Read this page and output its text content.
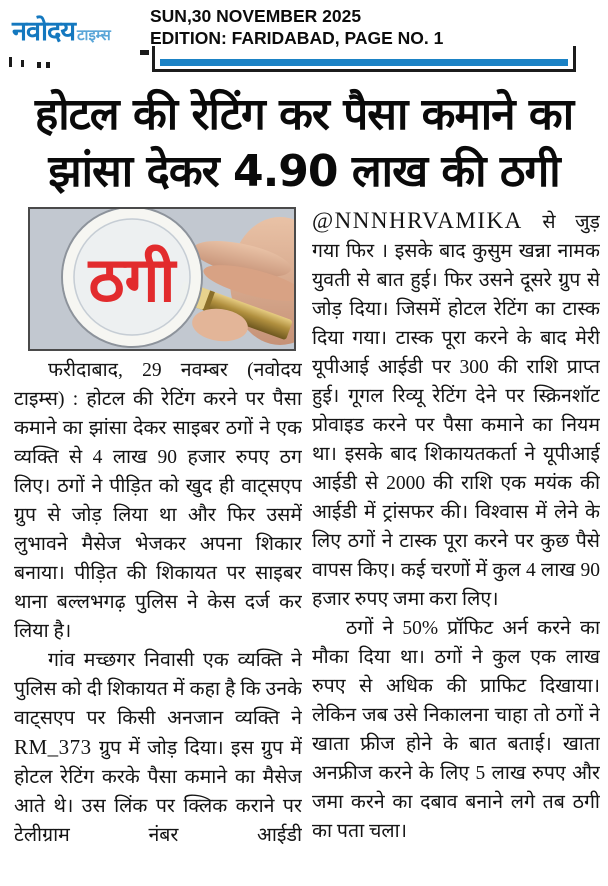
नवोदय टाइम्स
SUN,30 NOVEMBER 2025
EDITION: FARIDABAD, PAGE NO. 1
होटल की रेटिंग कर पैसा कमाने का
झांसा देकर 4.90 लाख की ठगी
ठगी

@NNNHRVAMIKA से जुड़ गया फिर । इसके बाद कुसुम खन्ना नामक युवती से बात हुई। फिर उसने दूसरे ग्रुप से जोड़ दिया। जिसमें होटल रेटिंग का टास्क दिया गया। टास्क पूरा करने के बाद मेरी यूपीआई आईडी पर 300 की राशि प्राप्त हुई। गूगल रिव्यू रेटिंग देने पर स्क्रिनशॉट प्रोवाइड करने पर पैसा कमाने का नियम था। इसके बाद शिकायतकर्ता ने यूपीआई आईडी से 2000 की राशि एक मयंक की आईडी में ट्रांसफर की। विश्वास में लेने के लिए ठगों ने टास्क पूरा करने पर कुछ पैसे वापस किए। कई चरणों में कुल 4 लाख 90 हजार रुपए जमा करा लिए।

ठगों ने 50% प्रॉफिट अर्न करने का मौका दिया था। ठगों ने कुल एक लाख रुपए से अधिक की प्राफिट दिखाया। लेकिन जब उसे निकालना चाहा तो ठगों ने खाता फ्रीज होने के बात बताई। खाता अनफ्रीज करने के लिए 5 लाख रुपए और जमा करने का दबाव बनाने लगे तब ठगी का पता चला।

फरीदाबाद, 29 नवम्बर (नवोदय टाइम्स) : होटल की रेटिंग करने पर पैसा कमाने का झांसा देकर साइबर ठगों ने एक व्यक्ति से 4 लाख 90 हजार रुपए ठग लिए। ठगों ने पीड़ित को खुद ही वाट्सएप ग्रुप से जोड़ लिया था और फिर उसमें लुभावने मैसेज भेजकर अपना शिकार बनाया। पीड़ित की शिकायत पर साइबर थाना बल्लभगढ़ पुलिस ने केस दर्ज कर लिया है।

गांव मच्छगर निवासी एक व्यक्ति ने पुलिस को दी शिकायत में कहा है कि उनके वाट्सएप पर किसी अनजान व्यक्ति ने RM_373 ग्रुप में जोड़ दिया। इस ग्रुप में होटल रेटिंग करके पैसा कमाने का मैसेज आते थे। उस लिंक पर क्लिक कराने पर टेलीग्राम नंबर आईडी
